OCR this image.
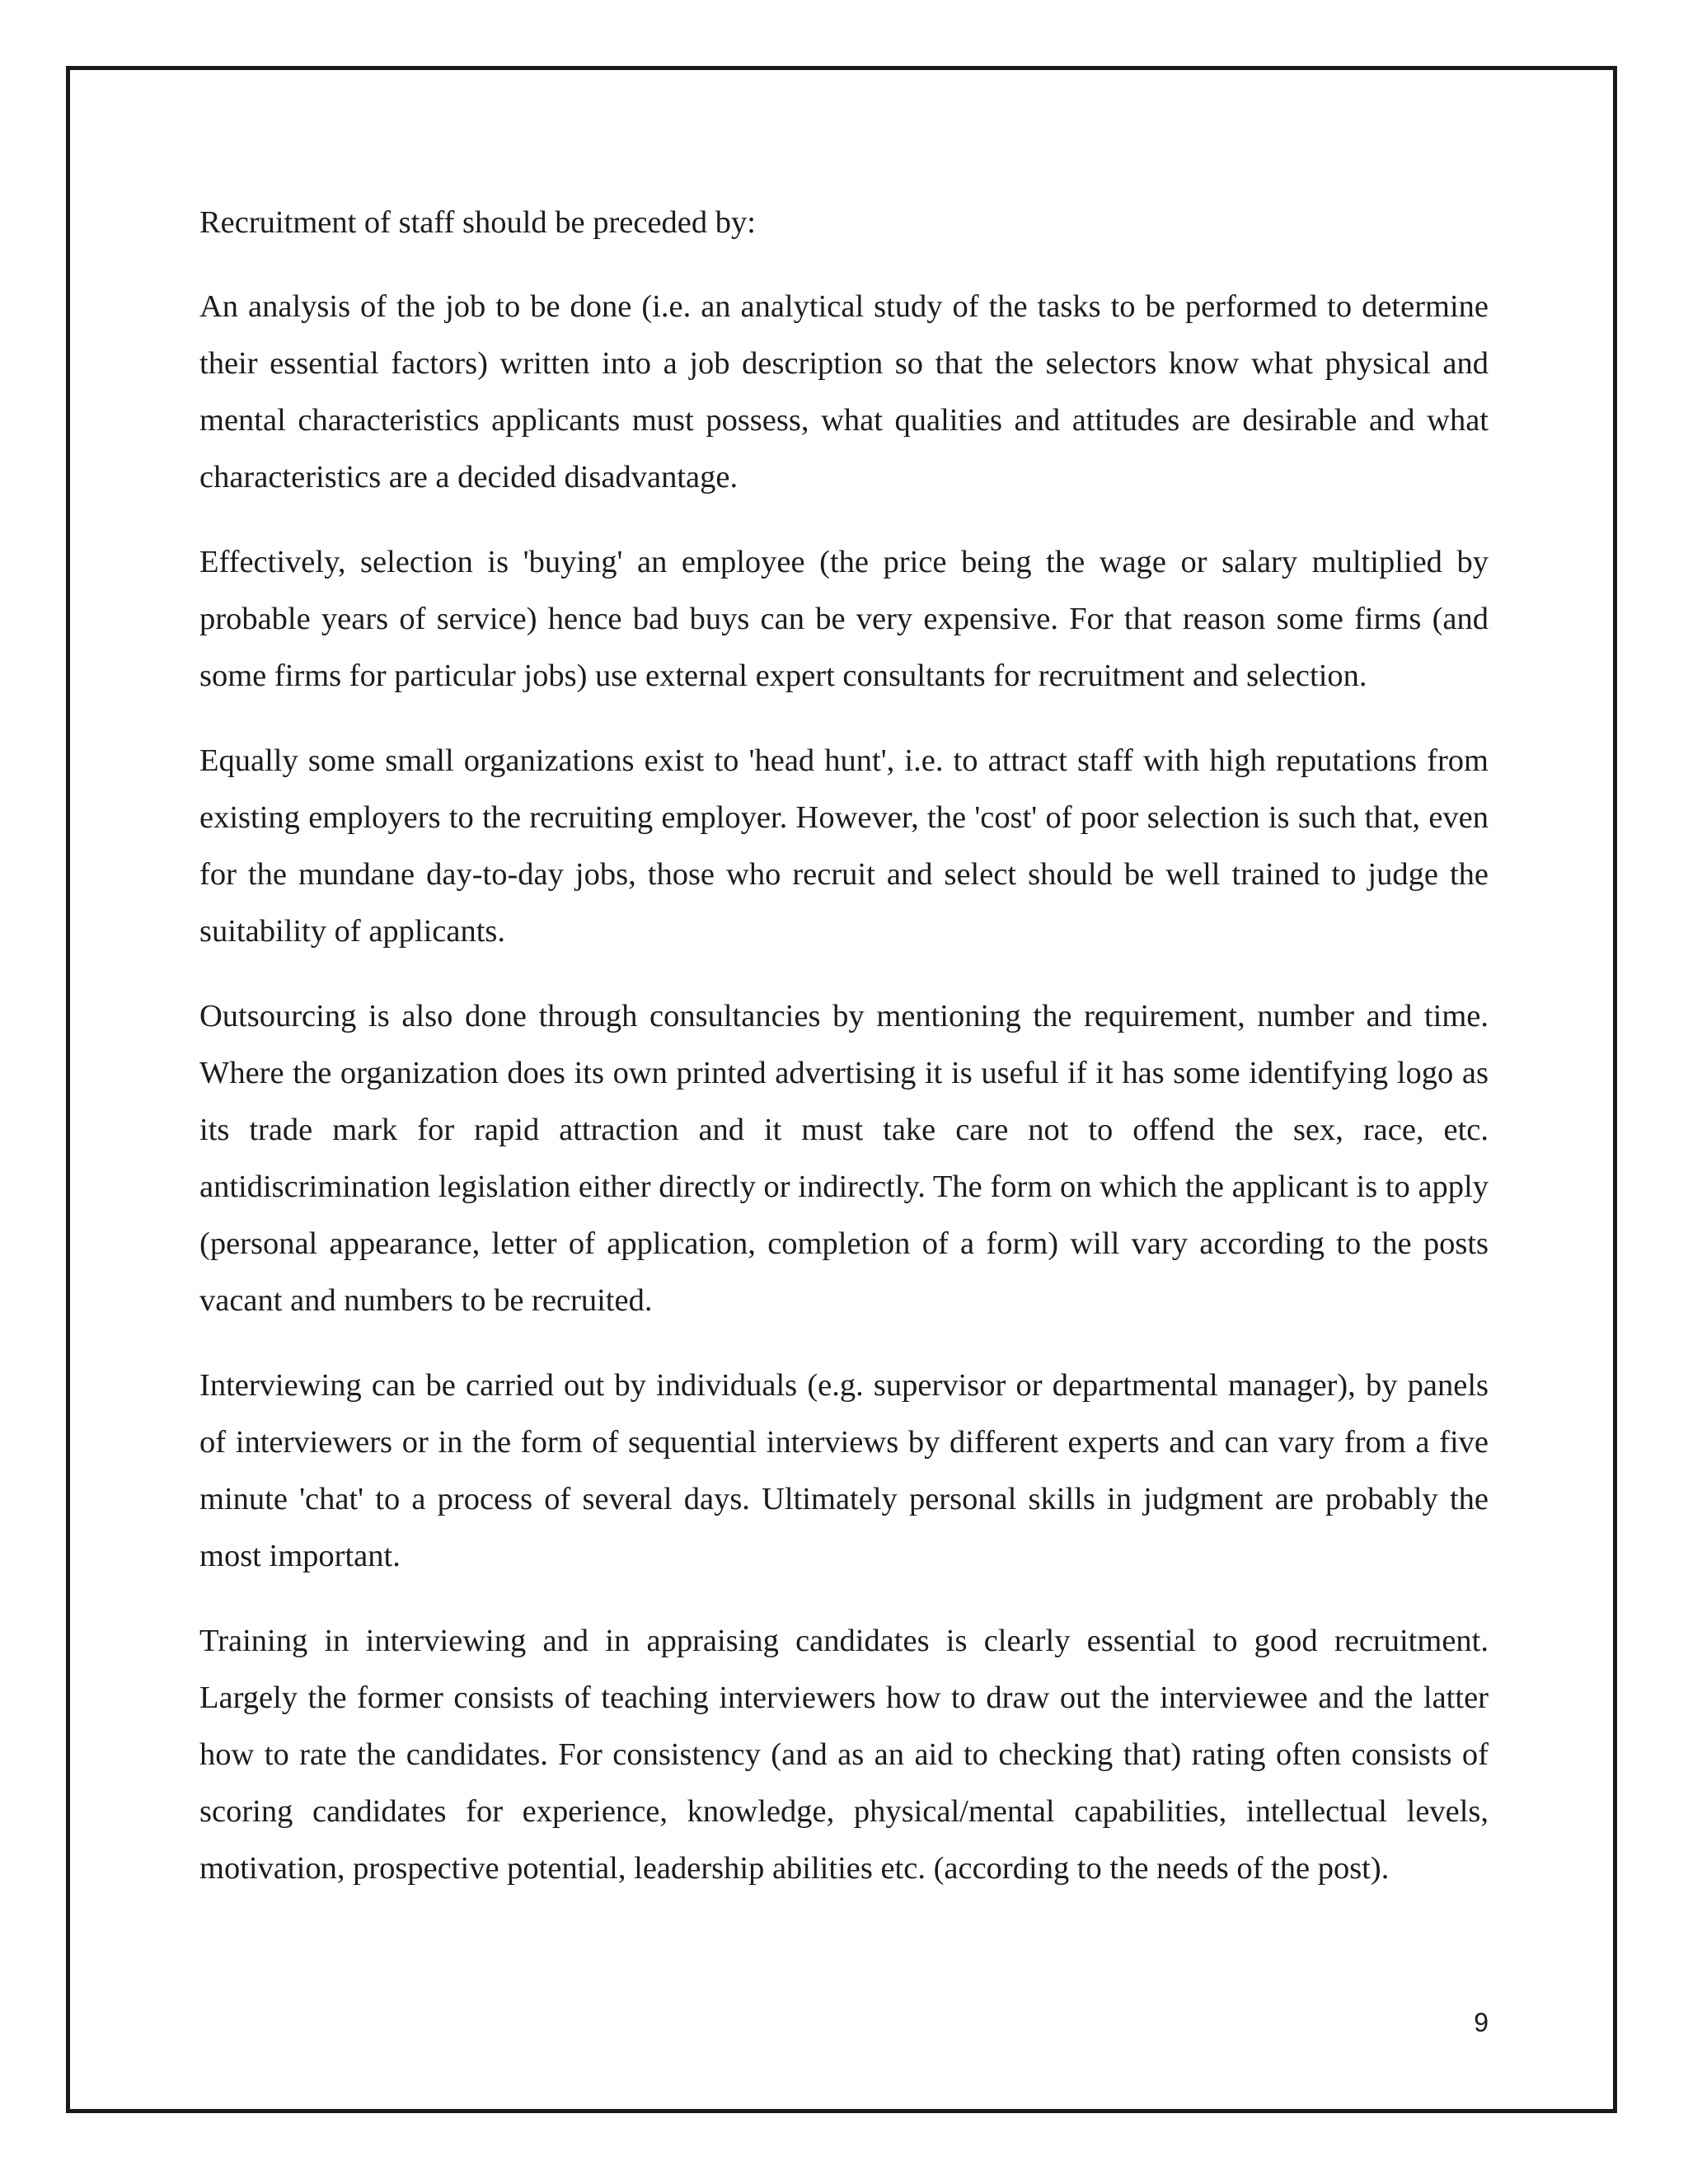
Recruitment of staff should be preceded by:

An analysis of the job to be done (i.e. an analytical study of the tasks to be performed to determine their essential factors) written into a job description so that the selectors know what physical and mental characteristics applicants must possess, what qualities and attitudes are desirable and what characteristics are a decided disadvantage.

Effectively, selection is 'buying' an employee (the price being the wage or salary multiplied by probable years of service) hence bad buys can be very expensive. For that reason some firms (and some firms for particular jobs) use external expert consultants for recruitment and selection.

Equally some small organizations exist to 'head hunt', i.e. to attract staff with high reputations from existing employers to the recruiting employer. However, the 'cost' of poor selection is such that, even for the mundane day-to-day jobs, those who recruit and select should be well trained to judge the suitability of applicants.

Outsourcing is also done through consultancies by mentioning the requirement, number and time. Where the organization does its own printed advertising it is useful if it has some identifying logo as its trade mark for rapid attraction and it must take care not to offend the sex, race, etc. antidiscrimination legislation either directly or indirectly. The form on which the applicant is to apply (personal appearance, letter of application, completion of a form) will vary according to the posts vacant and numbers to be recruited.

Interviewing can be carried out by individuals (e.g. supervisor or departmental manager), by panels of interviewers or in the form of sequential interviews by different experts and can vary from a five minute 'chat' to a process of several days. Ultimately personal skills in judgment are probably the most important.

Training in interviewing and in appraising candidates is clearly essential to good recruitment. Largely the former consists of teaching interviewers how to draw out the interviewee and the latter how to rate the candidates. For consistency (and as an aid to checking that) rating often consists of scoring candidates for experience, knowledge, physical/mental capabilities, intellectual levels, motivation, prospective potential, leadership abilities etc. (according to the needs of the post).

9
